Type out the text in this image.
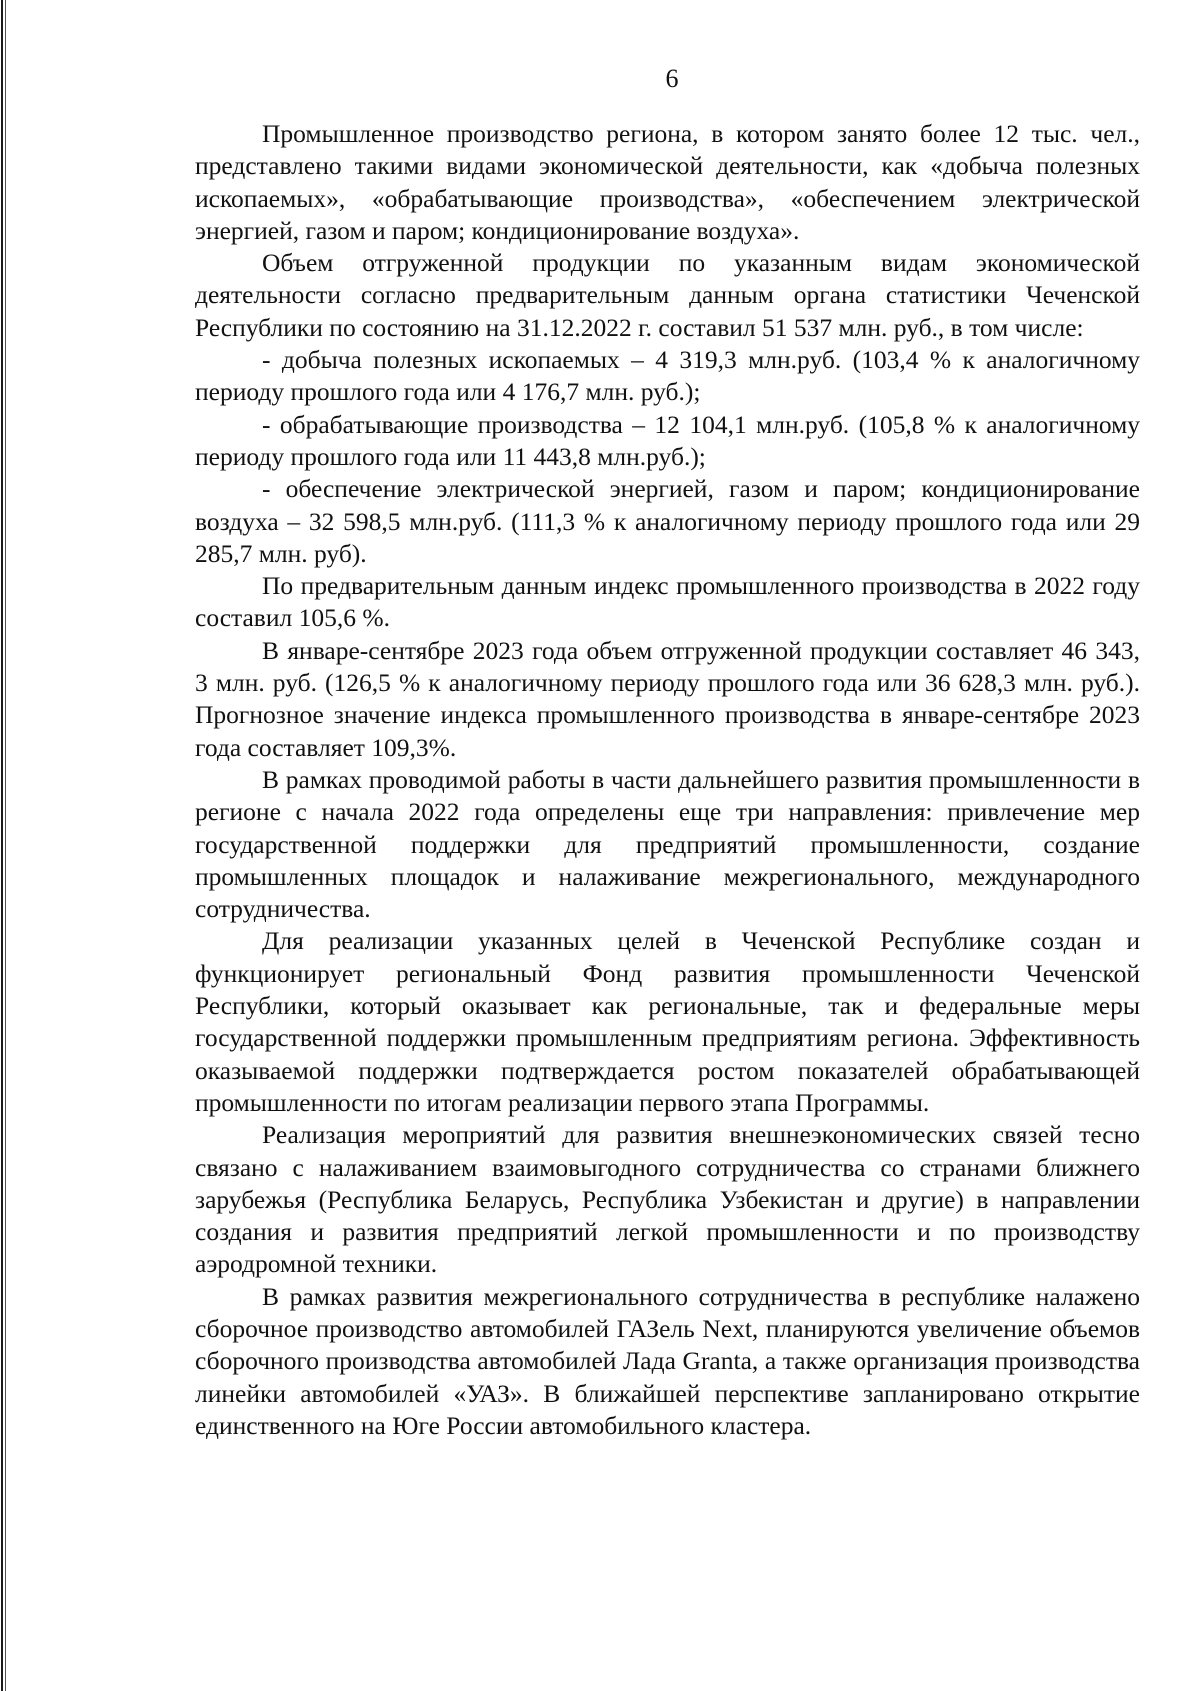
6

Промышленное производство региона, в котором занято более 12 тыс. чел., представлено такими видами экономической деятельности, как «добыча полезных ископаемых», «обрабатывающие производства», «обеспечением электрической энергией, газом и паром; кондиционирование воздуха».

Объем отгруженной продукции по указанным видам экономической деятельности согласно предварительным данным органа статистики Чеченской Республики по состоянию на 31.12.2022 г. составил 51 537 млн. руб., в том числе:

- добыча полезных ископаемых – 4 319,3 млн.руб. (103,4 % к аналогичному периоду прошлого года или 4 176,7 млн. руб.);

- обрабатывающие производства – 12 104,1 млн.руб. (105,8 % к аналогичному периоду прошлого года или 11 443,8 млн.руб.);

- обеспечение электрической энергией, газом и паром; кондиционирование воздуха – 32 598,5 млн.руб. (111,3 % к аналогичному периоду прошлого года или 29 285,7 млн. руб).

По предварительным данным индекс промышленного производства в 2022 году составил 105,6 %.

В январе-сентябре 2023 года объем отгруженной продукции составляет 46 343, 3 млн. руб. (126,5 % к аналогичному периоду прошлого года или 36 628,3 млн. руб.). Прогнозное значение индекса промышленного производства в январе-сентябре 2023 года составляет 109,3%.

В рамках проводимой работы в части дальнейшего развития промышленности в регионе с начала 2022 года определены еще три направления: привлечение мер государственной поддержки для предприятий промышленности, создание промышленных площадок и налаживание межрегионального, международного сотрудничества.

Для реализации указанных целей в Чеченской Республике создан и функционирует региональный Фонд развития промышленности Чеченской Республики, который оказывает как региональные, так и федеральные меры государственной поддержки промышленным предприятиям региона. Эффективность оказываемой поддержки подтверждается ростом показателей обрабатывающей промышленности по итогам реализации первого этапа Программы.

Реализация мероприятий для развития внешнеэкономических связей тесно связано с налаживанием взаимовыгодного сотрудничества со странами ближнего зарубежья (Республика Беларусь, Республика Узбекистан и другие) в направлении создания и развития предприятий легкой промышленности и по производству аэродромной техники.

В рамках развития межрегионального сотрудничества в республике налажено сборочное производство автомобилей ГАЗель Next, планируются увеличение объемов сборочного производства автомобилей Лада Granta, а также организация производства линейки автомобилей «УАЗ». В ближайшей перспективе запланировано открытие единственного на Юге России автомобильного кластера.
